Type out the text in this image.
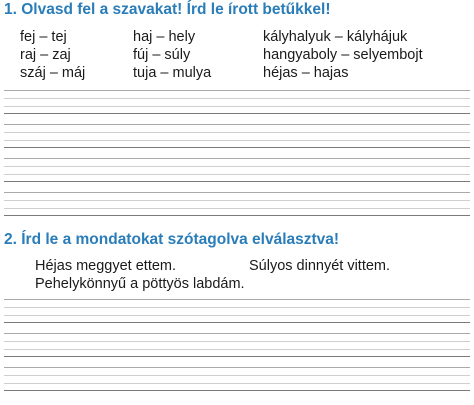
1. Olvasd fel a szavakat! Írd le írott betűkkel!
fej – tej	haj – hely	kályhalyuk – kályhájuk
raj – zaj	fúj – súly	hangyaboly – selyembojt
száj – máj	tuja – mulya	héjas – hajas
2. Írd le a mondatokat szótagolva elválasztva!
Héjas meggyet ettem.	Súlyos dinnyét vittem.
Pehelykönnyű a pöttyös labdám.
